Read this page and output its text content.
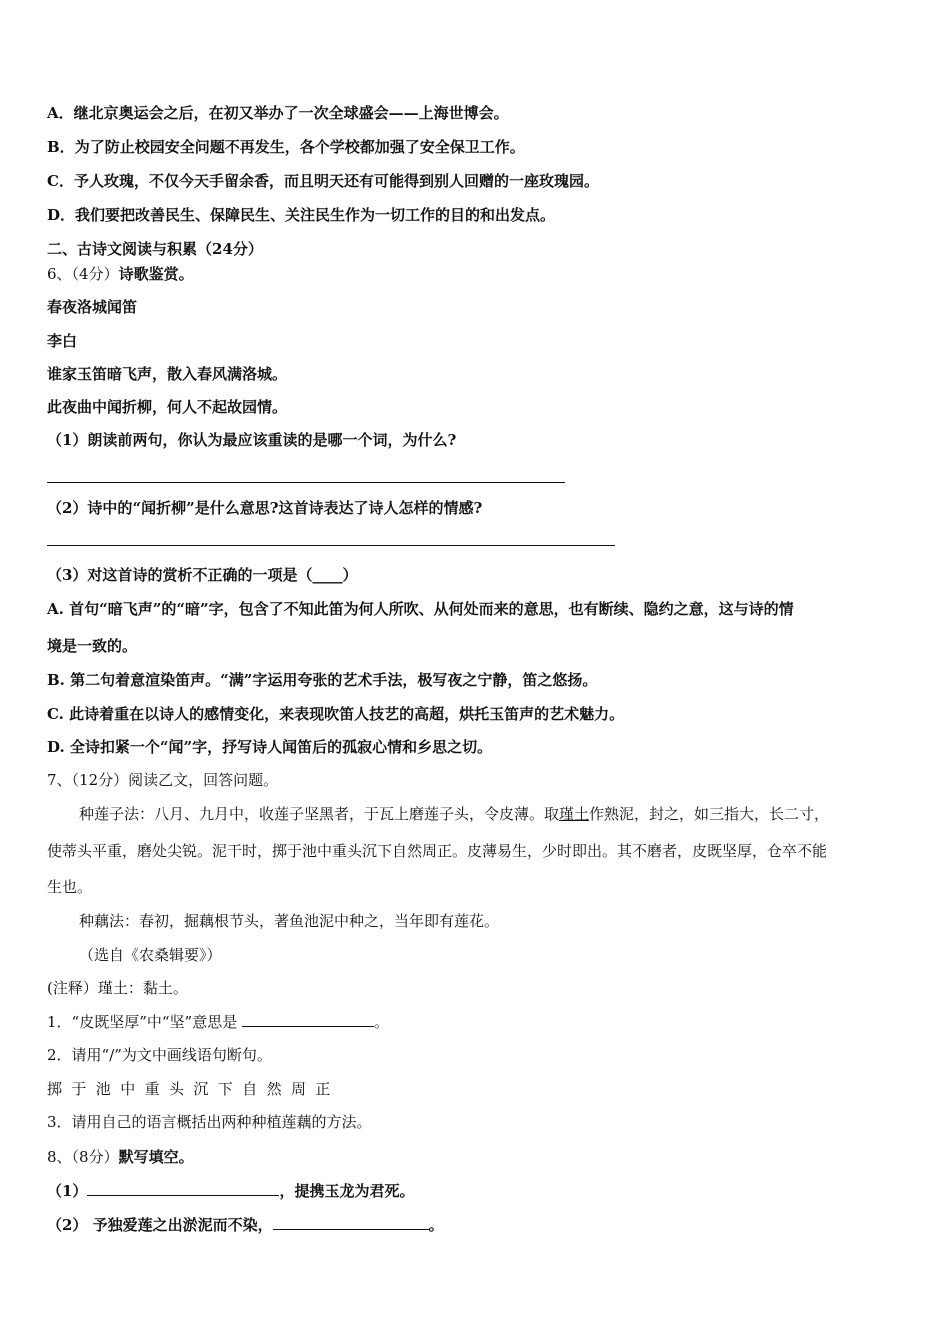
A．继北京奥运会之后，在初又举办了一次全球盛会——上海世博会。
B．为了防止校园安全问题不再发生，各个学校都加强了安全保卫工作。
C．予人玫瑰，不仅今天手留余香，而且明天还有可能得到别人回赠的一座玫瑰园。
D．我们要把改善民生、保障民生、关注民生作为一切工作的目的和出发点。
二、古诗文阅读与积累（24分）
6、（4分）诗歌鉴赏。
春夜洛城闻笛
李白
谁家玉笛暗飞声，散入春风满洛城。
此夜曲中闻折柳，何人不起故园情。
（1）朗读前两句，你认为最应该重读的是哪一个词，为什么?
（2）诗中的“闻折柳”是什么意思?这首诗表达了诗人怎样的情感?
（3）对这首诗的赏析不正确的一项是（____）
A. 首句“暗飞声”的“暗”字，包含了不知此笛为何人所吹、从何处而来的意思，也有断续、隐约之意，这与诗的情
境是一致的。
B. 第二句着意渲染笛声。“满”字运用夸张的艺术手法，极写夜之宁静，笛之悠扬。
C. 此诗着重在以诗人的感情变化，来表现吹笛人技艺的高超，烘托玉笛声的艺术魅力。
D. 全诗扣紧一个“闻”字，抒写诗人闻笛后的孤寂心情和乡思之切。
7、（12分）阅读乙文，回答问题。
种莲子法：八月、九月中，收莲子坚黑者，于瓦上磨莲子头，令皮薄。取瑾土作熟泥，封之，如三指大，长二寸，
使蒂头平重，磨处尖锐。泥干时，掷于池中重头沉下自然周正。皮薄易生，少时即出。其不磨者，皮既坚厚，仓卒不能
生也。
种藕法：春初，掘藕根节头，著鱼池泥中种之，当年即有莲花。
（选自《农桑辑要》）
(注释）瑾土：黏土。
1．“皮既坚厚”中“坚”意思是	。
2．请用“/”为文中画线语句断句。
掷于池中重头沉下自然周正
3．请用自己的语言概括出两种种植莲藕的方法。
8、（8分）默写填空。
（1）	，提携玉龙为君死。
（2） 予独爱莲之出淤泥而不染，	。
